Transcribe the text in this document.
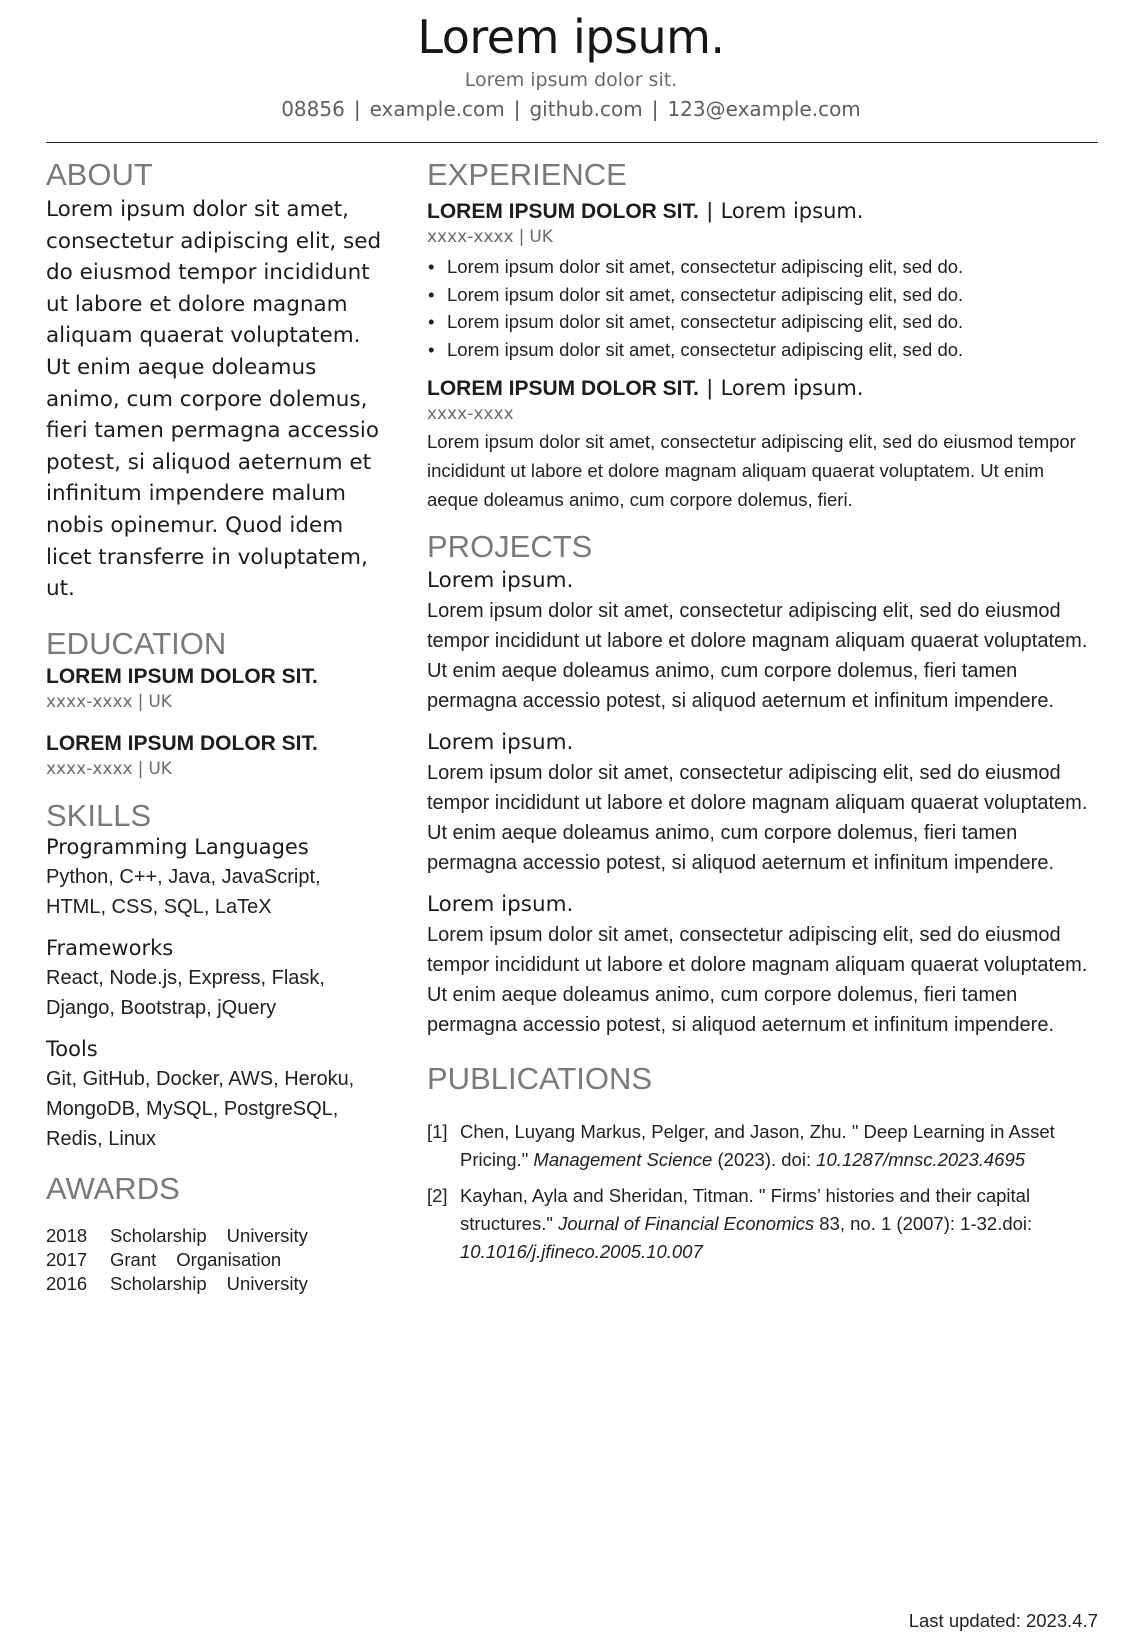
Lorem ipsum.
Lorem ipsum dolor sit.
08856 | example.com | github.com | 123@example.com
ABOUT
Lorem ipsum dolor sit amet, consectetur adipiscing elit, sed do eiusmod tempor incididunt ut labore et dolore magnam aliquam quaerat voluptatem. Ut enim aeque doleamus animo, cum corpore dolemus, fieri tamen permagna accessio potest, si aliquod aeternum et infinitum impendere malum nobis opinemur. Quod idem licet transferre in voluptatem, ut.
EDUCATION
LOREM IPSUM DOLOR SIT.
xxxx-xxxx | UK
LOREM IPSUM DOLOR SIT.
xxxx-xxxx | UK
SKILLS
Programming Languages
Python, C++, Java, JavaScript, HTML, CSS, SQL, LaTeX
Frameworks
React, Node.js, Express, Flask, Django, Bootstrap, jQuery
Tools
Git, GitHub, Docker, AWS, Heroku, MongoDB, MySQL, PostgreSQL, Redis, Linux
AWARDS
2018 Scholarship University
2017 Grant Organisation
2016 Scholarship University
EXPERIENCE
LOREM IPSUM DOLOR SIT. | Lorem ipsum.
xxxx-xxxx | UK
• Lorem ipsum dolor sit amet, consectetur adipiscing elit, sed do.
• Lorem ipsum dolor sit amet, consectetur adipiscing elit, sed do.
• Lorem ipsum dolor sit amet, consectetur adipiscing elit, sed do.
• Lorem ipsum dolor sit amet, consectetur adipiscing elit, sed do.
LOREM IPSUM DOLOR SIT. | Lorem ipsum.
xxxx-xxxx
Lorem ipsum dolor sit amet, consectetur adipiscing elit, sed do eiusmod tempor incididunt ut labore et dolore magnam aliquam quaerat voluptatem. Ut enim aeque doleamus animo, cum corpore dolemus, fieri.
PROJECTS
Lorem ipsum.
Lorem ipsum dolor sit amet, consectetur adipiscing elit, sed do eiusmod tempor incididunt ut labore et dolore magnam aliquam quaerat voluptatem. Ut enim aeque doleamus animo, cum corpore dolemus, fieri tamen permagna accessio potest, si aliquod aeternum et infinitum impendere.
Lorem ipsum.
Lorem ipsum dolor sit amet, consectetur adipiscing elit, sed do eiusmod tempor incididunt ut labore et dolore magnam aliquam quaerat voluptatem. Ut enim aeque doleamus animo, cum corpore dolemus, fieri tamen permagna accessio potest, si aliquod aeternum et infinitum impendere.
Lorem ipsum.
Lorem ipsum dolor sit amet, consectetur adipiscing elit, sed do eiusmod tempor incididunt ut labore et dolore magnam aliquam quaerat voluptatem. Ut enim aeque doleamus animo, cum corpore dolemus, fieri tamen permagna accessio potest, si aliquod aeternum et infinitum impendere.
PUBLICATIONS
[1] Chen, Luyang Markus, Pelger, and Jason, Zhu. " Deep Learning in Asset Pricing." Management Science (2023). doi: 10.1287/mnsc.2023.4695
[2] Kayhan, Ayla and Sheridan, Titman. " Firms’ histories and their capital structures." Journal of Financial Economics 83, no. 1 (2007): 1-32.doi: 10.1016/j.jfineco.2005.10.007
Last updated: 2023.4.7
